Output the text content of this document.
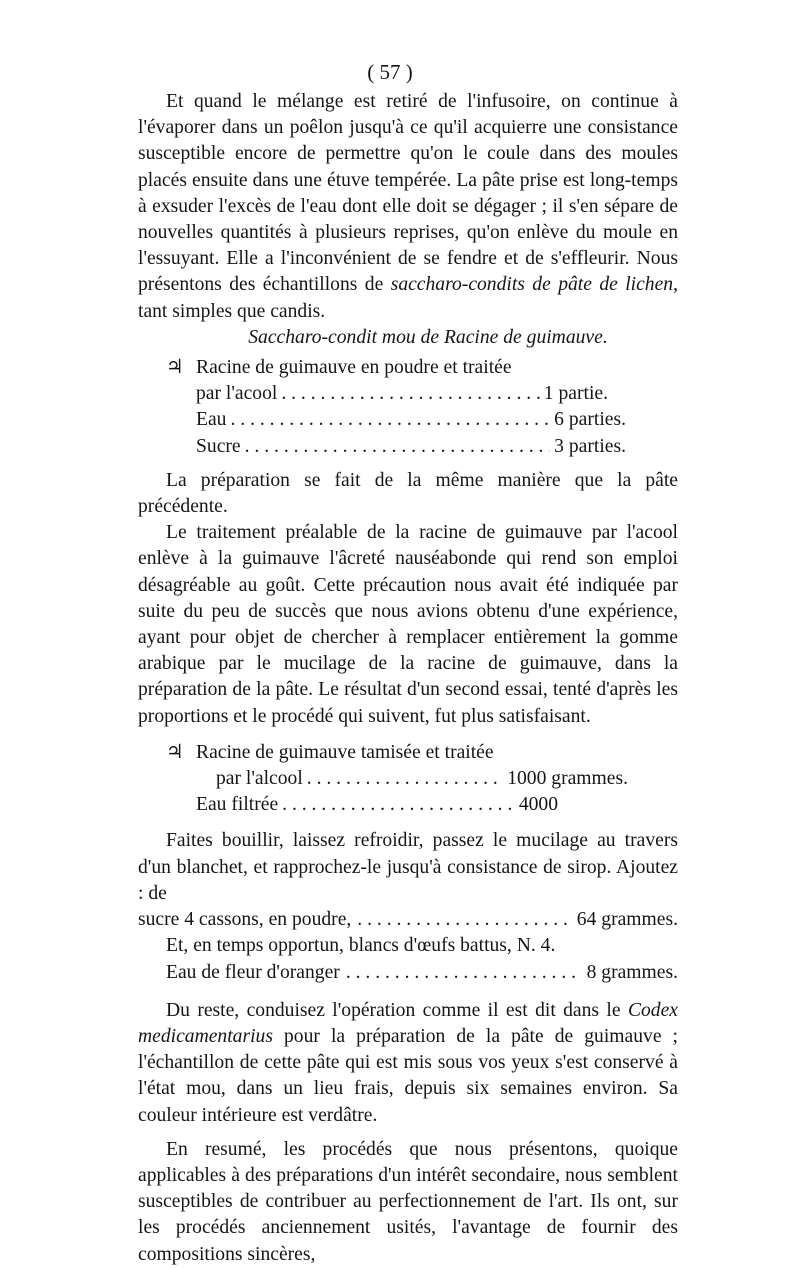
( 57 )

Et quand le mélange est retiré de l'infusoire, on continue à l'évaporer dans un poêlon jusqu'à ce qu'il acquierre une consistance susceptible encore de permettre qu'on le coule dans des moules placés ensuite dans une étuve tempérée. La pâte prise est long-temps à exsuder l'excès de l'eau dont elle doit se dégager ; il s'en sépare de nouvelles quantités à plusieurs reprises, qu'on enlève du moule en l'essuyant. Elle a l'inconvénient de se fendre et de s'effleurir. Nous présentons des échantillons de saccharo-condits de pâte de lichen, tant simples que candis.

Saccharo-condit mou de Racine de guimauve.

♃ Racine de guimauve en poudre et traitée
par l'acool . . .	1 partie.
Eau . . .	6 parties.
Sucre . . .	3 parties.

La préparation se fait de la même manière que la pâte précédente.

Le traitement préalable de la racine de guimauve par l'acool enlève à la guimauve l'âcreté nauséabonde qui rend son emploi désagréable au goût. Cette précaution nous avait été indiquée par suite du peu de succès que nous avions obtenu d'une expérience, ayant pour objet de chercher à remplacer entièrement la gomme arabique par le mucilage de la racine de guimauve, dans la préparation de la pâte. Le résultat d'un second essai, tenté d'après les proportions et le procédé qui suivent, fut plus satisfaisant.

♃ Racine de guimauve tamisée et traitée
par l'alcool . . .	1000 grammes.
Eau filtrée . . .	4000

Faites bouillir, laissez refroidir, passez le mucilage au travers d'un blanchet, et rapprochez-le jusqu'à consistance de sirop. Ajoutez : de

sucre 4 cassons, en poudre, . . .	64 grammes.
Et, en temps opportun, blancs d'œufs battus, N. 4.
Eau de fleur d'oranger . . .	8 grammes.

Du reste, conduisez l'opération comme il est dit dans le Codex medicamentarius pour la préparation de la pâte de guimauve ; l'échantillon de cette pâte qui est mis sous vos yeux s'est conservé à l'état mou, dans un lieu frais, depuis six semaines environ. Sa couleur intérieure est verdâtre.

En resumé, les procédés que nous présentons, quoique applicables à des préparations d'un intérêt secondaire, nous semblent susceptibles de contribuer au perfectionnement de l'art. Ils ont, sur les procédés anciennement usités, l'avantage de fournir des compositions sincères,
